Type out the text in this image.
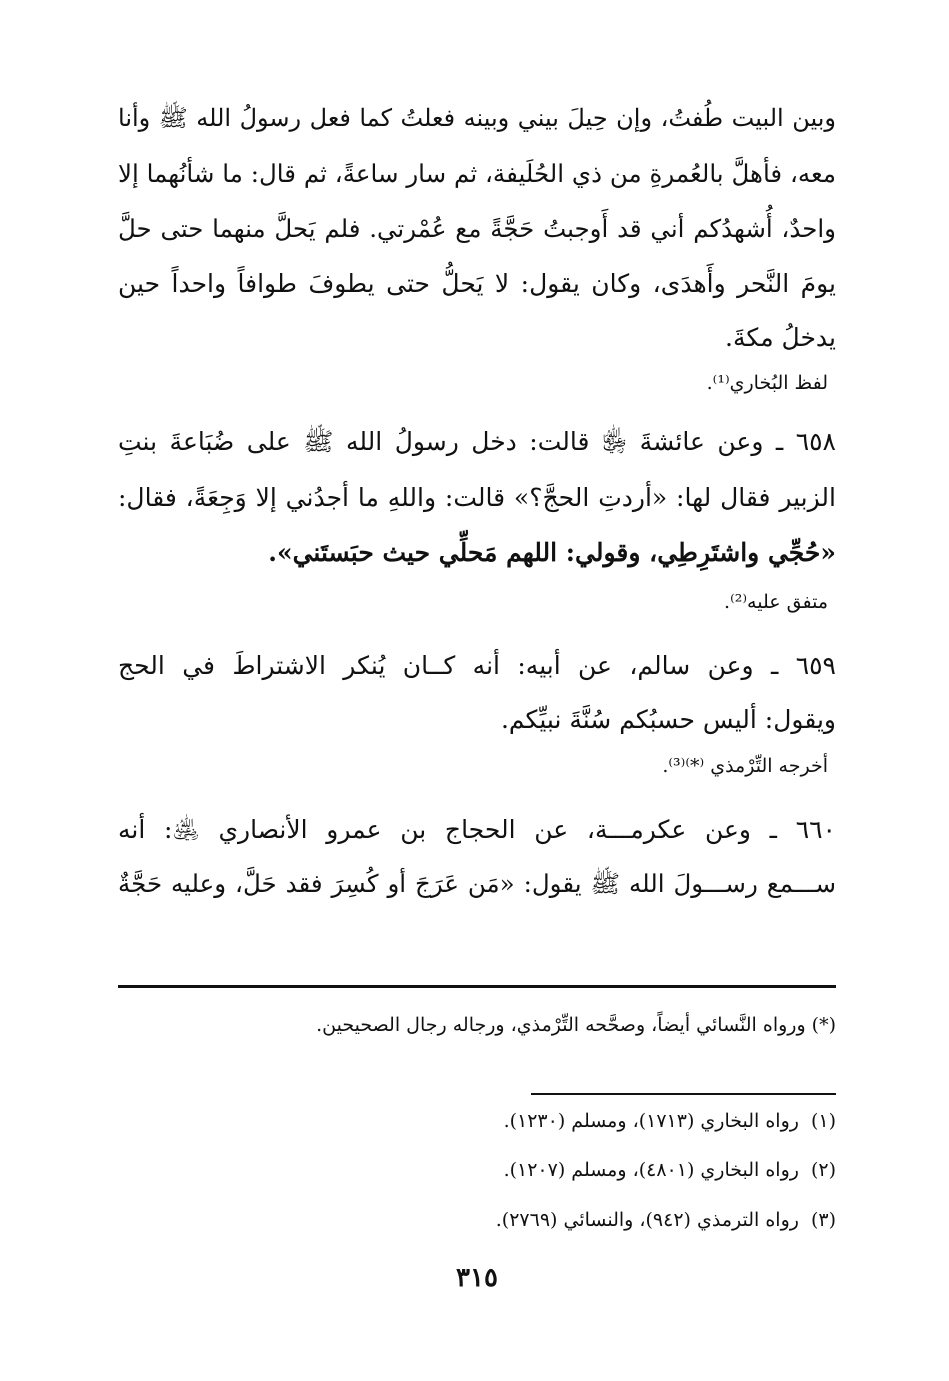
وبين البيت طُفتُ، وإن حِيلَ بيني وبينه فعلتُ كما فعل رسولُ الله ﷺ وأنا
معه، فأهلَّ بالعُمرةِ من ذي الحُلَيفة، ثم سار ساعةً، ثم قال: ما شأنُهما إلا
واحدٌ، أُشهدُكم أني قد أَوجبتُ حَجَّةً مع عُمْرتي. فلم يَحلَّ منهما حتى حلَّ
يومَ النَّحر وأَهدَى، وكان يقول: لا يَحلُّ حتى يطوفَ طوافاً واحداً حين
يدخلُ مكةَ.
لفظ البُخاري⁽¹⁾.
٦٥٨ ـ وعن عائشةَ ﵂ قالت: دخل رسولُ الله ﷺ على ضُبَاعةَ بنتِ
الزبير فقال لها: «أردتِ الحجَّ؟» قالت: واللهِ ما أجدُني إلا وَجِعَةً، فقال:
«حُجِّي واشتَرِطِي، وقولي: اللهم مَحلِّي حيث حبَستَني».
متفق عليه⁽²⁾.
٦٥٩ ـ وعن سالم، عن أبيه: أنه كــان يُنكر الاشتراطَ في الحج
ويقول: أليس حسبُكم سُنَّةَ نبيِّكم.
أخرجه التِّرْمذي ⁽*⁾⁽³⁾.
٦٦٠ ـ وعن عكرمـــة، عن الحجاج بن عمرو الأنصاري ﵁: أنه
ســـمع رســـولَ الله ﷺ يقول: «مَن عَرَجَ أو كُسِرَ فقد حَلَّ، وعليه حَجَّةٌ
(*) ورواه النَّسائي أيضاً، وصحَّحه التِّرْمذي، ورجاله رجال الصحيحين.
(١)رواه البخاري (١٧١٣)، ومسلم (١٢٣٠).
(٢)رواه البخاري (٤٨٠١)، ومسلم (١٢٠٧).
(٣)رواه الترمذي (٩٤٢)، والنسائي (٢٧٦٩).
٣١٥
